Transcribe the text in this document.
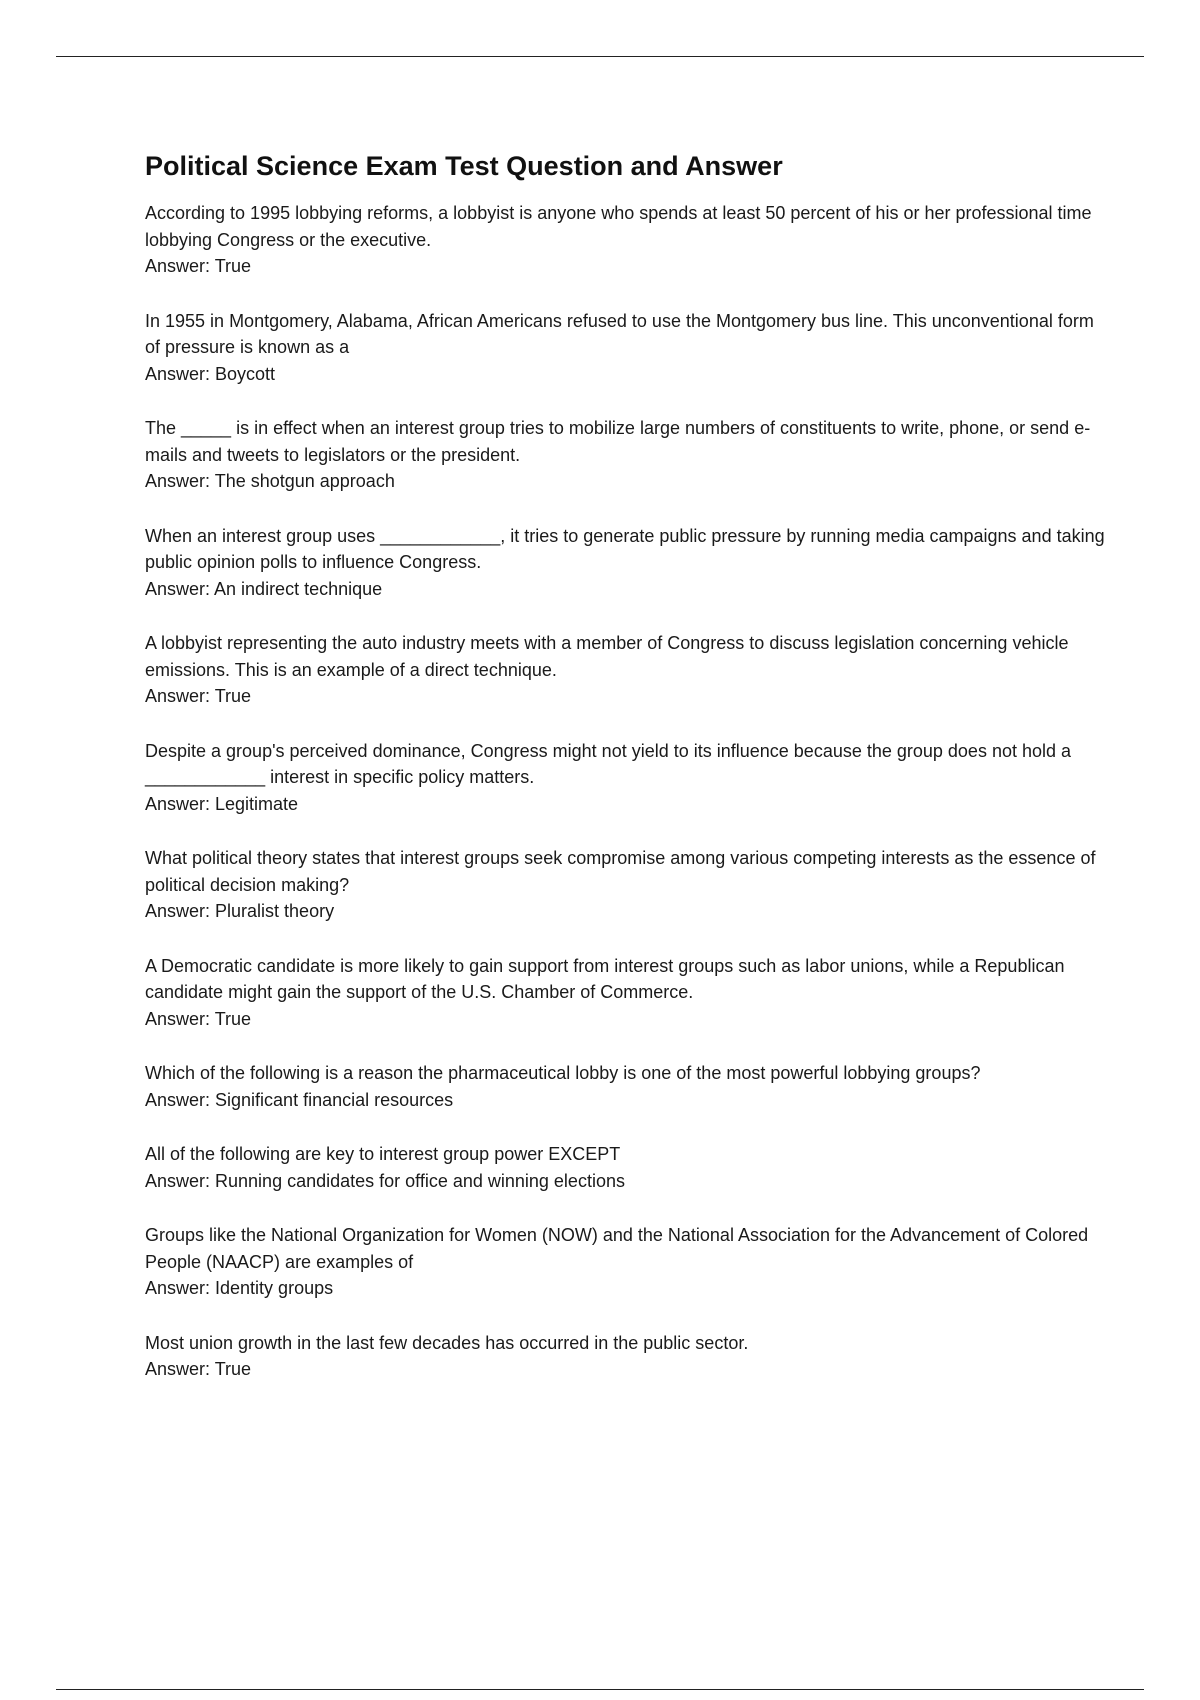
Political Science Exam Test Question and Answer
According to 1995 lobbying reforms, a lobbyist is anyone who spends at least 50 percent of his or her professional time lobbying Congress or the executive.
Answer: True
In 1955 in Montgomery, Alabama, African Americans refused to use the Montgomery bus line. This unconventional form of pressure is known as a
Answer: Boycott
The _____ is in effect when an interest group tries to mobilize large numbers of constituents to write, phone, or send e-mails and tweets to legislators or the president.
Answer: The shotgun approach
When an interest group uses ____________, it tries to generate public pressure by running media campaigns and taking public opinion polls to influence Congress.
Answer: An indirect technique
A lobbyist representing the auto industry meets with a member of Congress to discuss legislation concerning vehicle emissions. This is an example of a direct technique.
Answer: True
Despite a group's perceived dominance, Congress might not yield to its influence because the group does not hold a ____________ interest in specific policy matters.
Answer: Legitimate
What political theory states that interest groups seek compromise among various competing interests as the essence of political decision making?
Answer: Pluralist theory
A Democratic candidate is more likely to gain support from interest groups such as labor unions, while a Republican candidate might gain the support of the U.S. Chamber of Commerce.
Answer: True
Which of the following is a reason the pharmaceutical lobby is one of the most powerful lobbying groups?
Answer: Significant financial resources
All of the following are key to interest group power EXCEPT
Answer: Running candidates for office and winning elections
Groups like the National Organization for Women (NOW) and the National Association for the Advancement of Colored People (NAACP) are examples of
Answer: Identity groups
Most union growth in the last few decades has occurred in the public sector.
Answer: True
